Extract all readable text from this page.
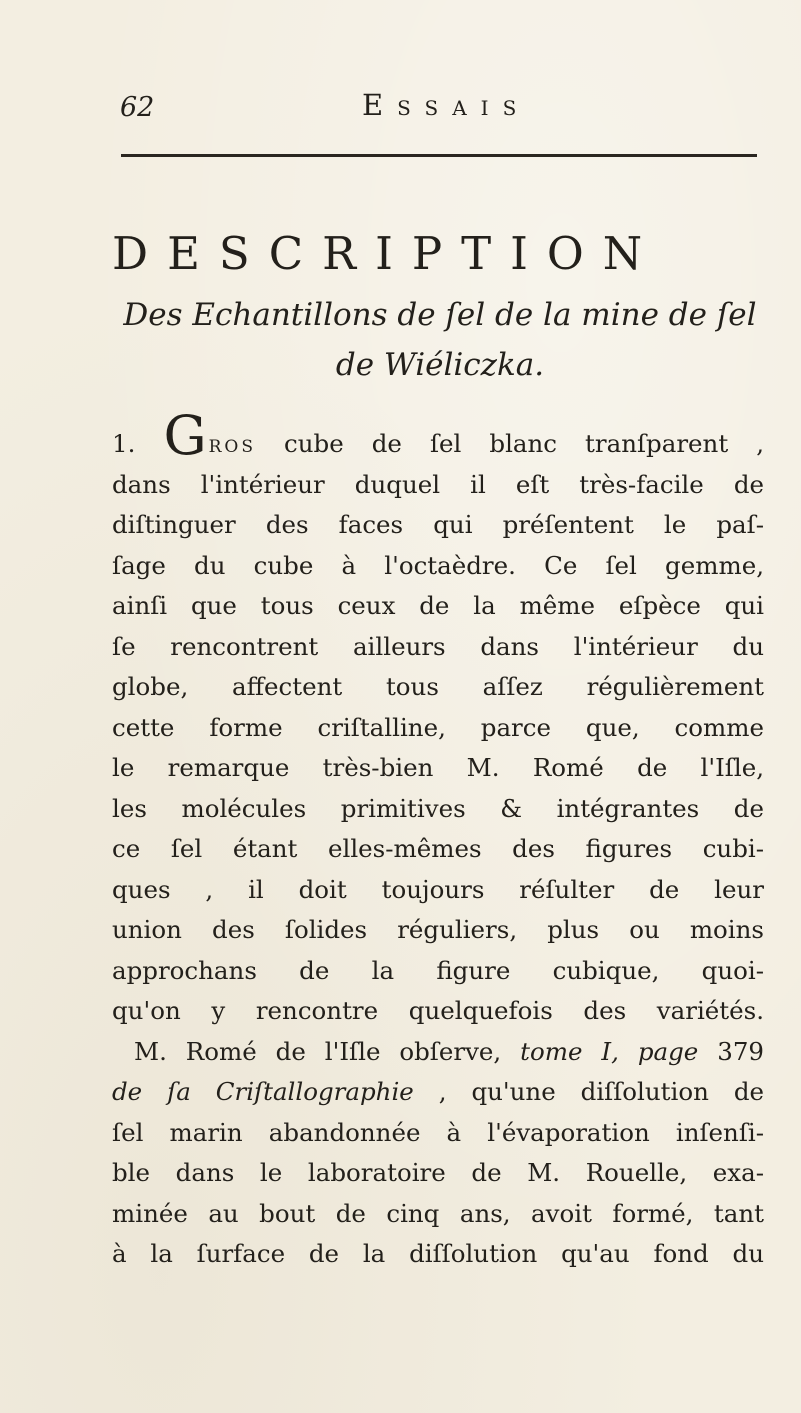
62	Essais
DESCRIPTION
Des Echantillons de ſel de la mine de ſel
de Wiéliczka.
1. Gros cube de ſel blanc tranſparent ,
dans l'intérieur duquel il eſt très-facile de
diſtinguer des faces qui préſentent le paſ-
ſage du cube à l'octaèdre. Ce ſel gemme,
ainſi que tous ceux de la même eſpèce qui
ſe rencontrent ailleurs dans l'intérieur du
globe, affectent tous aſſez régulièrement
cette forme criſtalline, parce que, comme
le remarque très-bien M. Romé de l'Iſle,
les molécules primitives & intégrantes de
ce ſel étant elles-mêmes des figures cubi-
ques , il doit toujours réſulter de leur
union des ſolides réguliers, plus ou moins
approchans de la figure cubique, quoi-
qu'on y rencontre quelquefois des variétés.
M. Romé de l'Iſle obſerve, tome I, page 379
de ſa Criſtallographie , qu'une diſſolution de
ſel marin abandonnée à l'évaporation inſenſi-
ble dans le laboratoire de M. Rouelle, exa-
minée au bout de cinq ans, avoit formé, tant
à la ſurface de la diſſolution qu'au fond du
